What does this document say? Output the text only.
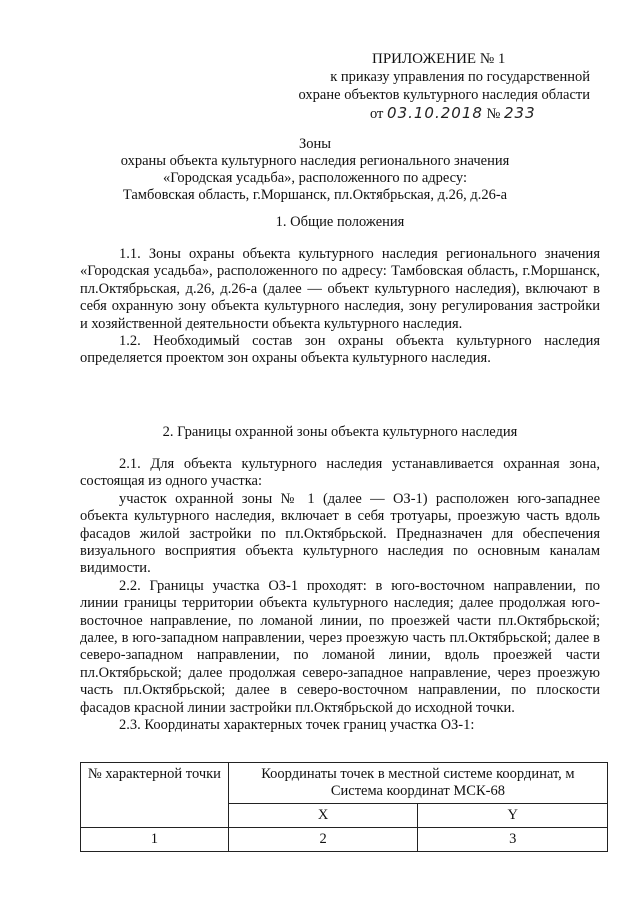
ПРИЛОЖЕНИЕ № 1
к приказу управления по государственной
охране объектов культурного наследия области
от 03.10.2018 № 233
Зоны
охраны объекта культурного наследия регионального значения
«Городская усадьба», расположенного по адресу:
Тамбовская область, г.Моршанск, пл.Октябрьская, д.26, д.26-а
1. Общие положения

1.1. Зоны охраны объекта культурного наследия регионального значения «Городская усадьба», расположенного по адресу: Тамбовская область, г.Моршанск, пл.Октябрьская, д.26, д.26-а (далее — объект культурного наследия), включают в себя охранную зону объекта культурного наследия, зону регулирования застройки и хозяйственной деятельности объекта культурного наследия.

1.2. Необходимый состав зон охраны объекта культурного наследия определяется проектом зон охраны объекта культурного наследия.

2. Границы охранной зоны объекта культурного наследия

2.1. Для объекта культурного наследия устанавливается охранная зона, состоящая из одного участка:

участок охранной зоны № 1 (далее — ОЗ-1) расположен юго-западнее объекта культурного наследия, включает в себя тротуары, проезжую часть вдоль фасадов жилой застройки по пл.Октябрьской. Предназначен для обеспечения визуального восприятия объекта культурного наследия по основным каналам видимости.

2.2. Границы участка ОЗ-1 проходят: в юго-восточном направлении, по линии границы территории объекта культурного наследия; далее продолжая юго-восточное направление, по ломаной линии, по проезжей части пл.Октябрьской; далее, в юго-западном направлении, через проезжую часть пл.Октябрьской; далее в северо-западном направлении, по ломаной линии, вдоль проезжей части пл.Октябрьской; далее продолжая северо-западное направление, через проезжую часть пл.Октябрьской; далее в северо-восточном направлении, по плоскости фасадов красной линии застройки пл.Октябрьской до исходной точки.

2.3. Координаты характерных точек границ участка ОЗ-1:

№ характерной точки	Координаты точек в местной системе координат, м
Система координат МСК-68	

	X	Y
1	2	3
